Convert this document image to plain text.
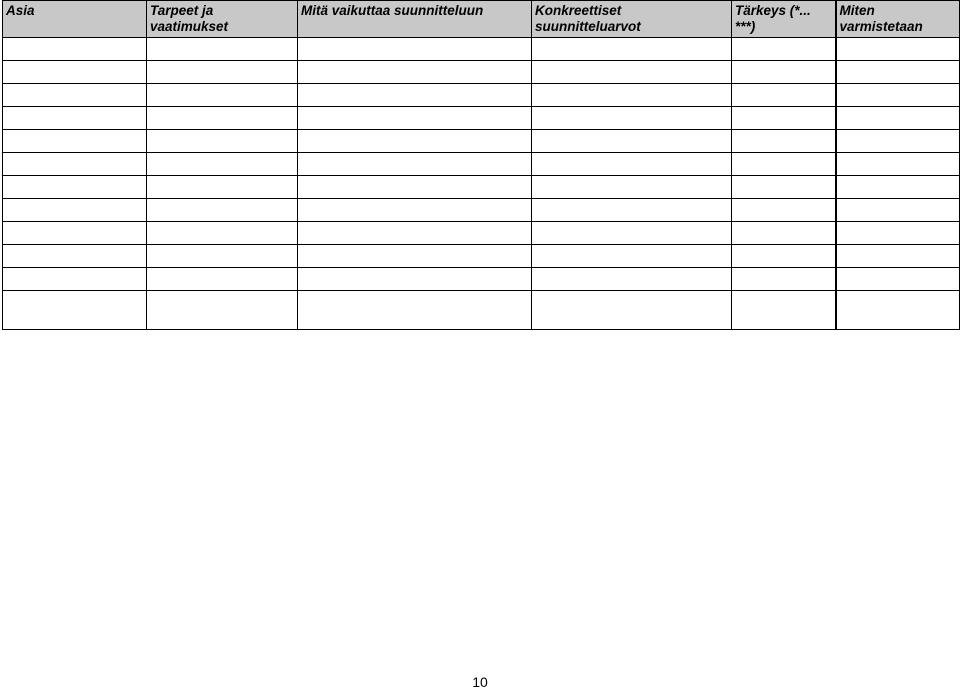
Asia	Tarpeet ja vaatimukset	Mitä vaikuttaa suunnitteluun	Konkreettiset suunnitteluarvot	Tärkeys (*... ***)	Miten varmistetaan

10
